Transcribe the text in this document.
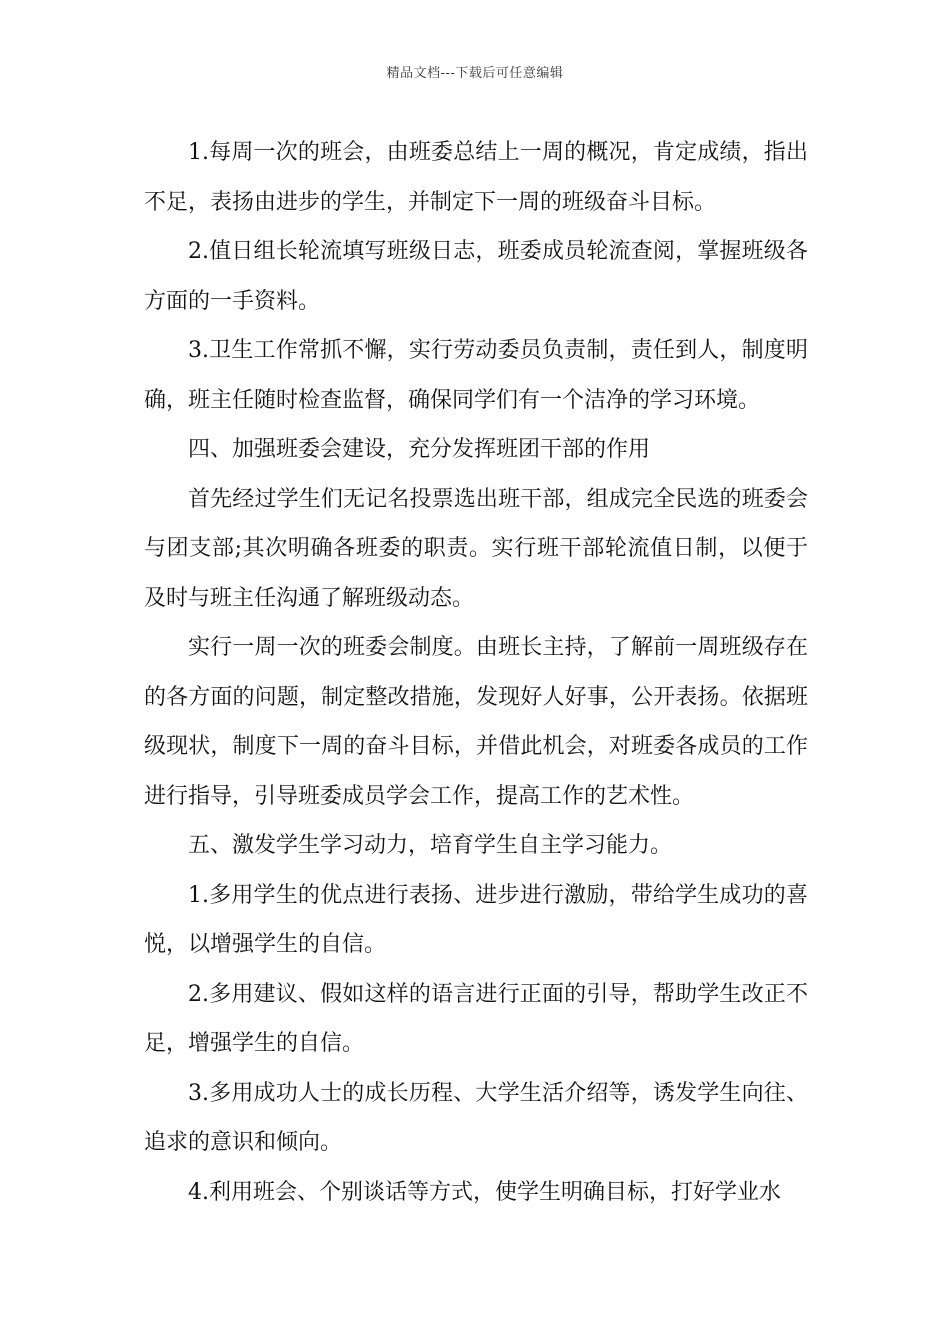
精品文档---下载后可任意编辑

1.每周一次的班会，由班委总结上一周的概况，肯定成绩，指出不足，表扬由进步的学生，并制定下一周的班级奋斗目标。

2.值日组长轮流填写班级日志，班委成员轮流查阅，掌握班级各方面的一手资料。

3.卫生工作常抓不懈，实行劳动委员负责制，责任到人，制度明确，班主任随时检查监督，确保同学们有一个洁净的学习环境。

四、加强班委会建设，充分发挥班团干部的作用

首先经过学生们无记名投票选出班干部，组成完全民选的班委会与团支部;其次明确各班委的职责。实行班干部轮流值日制，以便于及时与班主任沟通了解班级动态。

实行一周一次的班委会制度。由班长主持，了解前一周班级存在的各方面的问题，制定整改措施，发现好人好事，公开表扬。依据班级现状，制度下一周的奋斗目标，并借此机会，对班委各成员的工作进行指导，引导班委成员学会工作，提高工作的艺术性。

五、激发学生学习动力，培育学生自主学习能力。

1.多用学生的优点进行表扬、进步进行激励，带给学生成功的喜悦，以增强学生的自信。

2.多用建议、假如这样的语言进行正面的引导，帮助学生改正不足，增强学生的自信。

3.多用成功人士的成长历程、大学生活介绍等，诱发学生向往、追求的意识和倾向。

4.利用班会、个别谈话等方式，使学生明确目标，打好学业水
